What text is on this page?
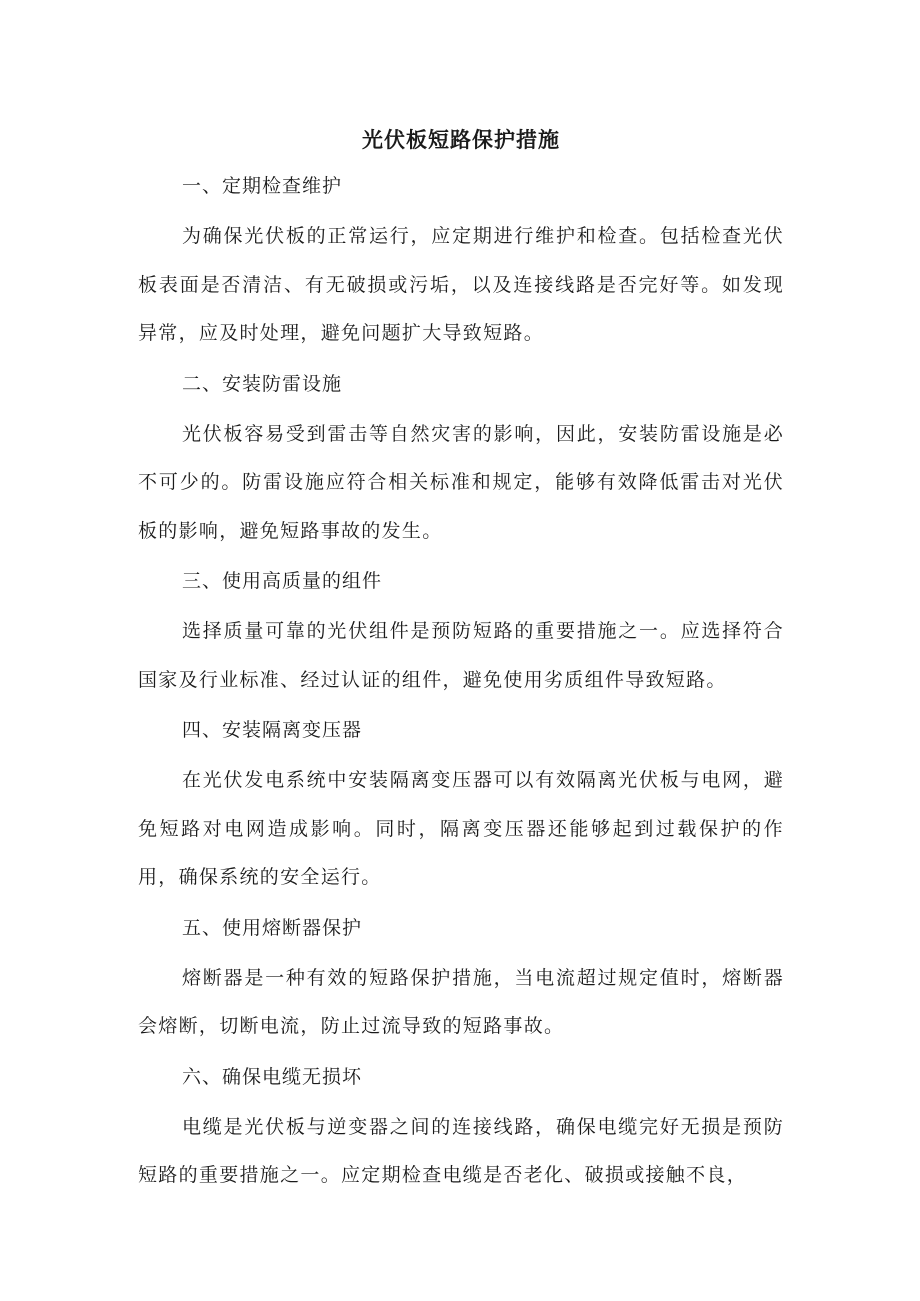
光伏板短路保护措施
一、定期检查维护

为确保光伏板的正常运行，应定期进行维护和检查。包括检查光伏板表面是否清洁、有无破损或污垢，以及连接线路是否完好等。如发现异常，应及时处理，避免问题扩大导致短路。

二、安装防雷设施

光伏板容易受到雷击等自然灾害的影响，因此，安装防雷设施是必不可少的。防雷设施应符合相关标准和规定，能够有效降低雷击对光伏板的影响，避免短路事故的发生。

三、使用高质量的组件

选择质量可靠的光伏组件是预防短路的重要措施之一。应选择符合国家及行业标准、经过认证的组件，避免使用劣质组件导致短路。

四、安装隔离变压器

在光伏发电系统中安装隔离变压器可以有效隔离光伏板与电网，避免短路对电网造成影响。同时，隔离变压器还能够起到过载保护的作用，确保系统的安全运行。

五、使用熔断器保护

熔断器是一种有效的短路保护措施，当电流超过规定值时，熔断器会熔断，切断电流，防止过流导致的短路事故。

六、确保电缆无损坏

电缆是光伏板与逆变器之间的连接线路，确保电缆完好无损是预防短路的重要措施之一。应定期检查电缆是否老化、破损或接触不良，
